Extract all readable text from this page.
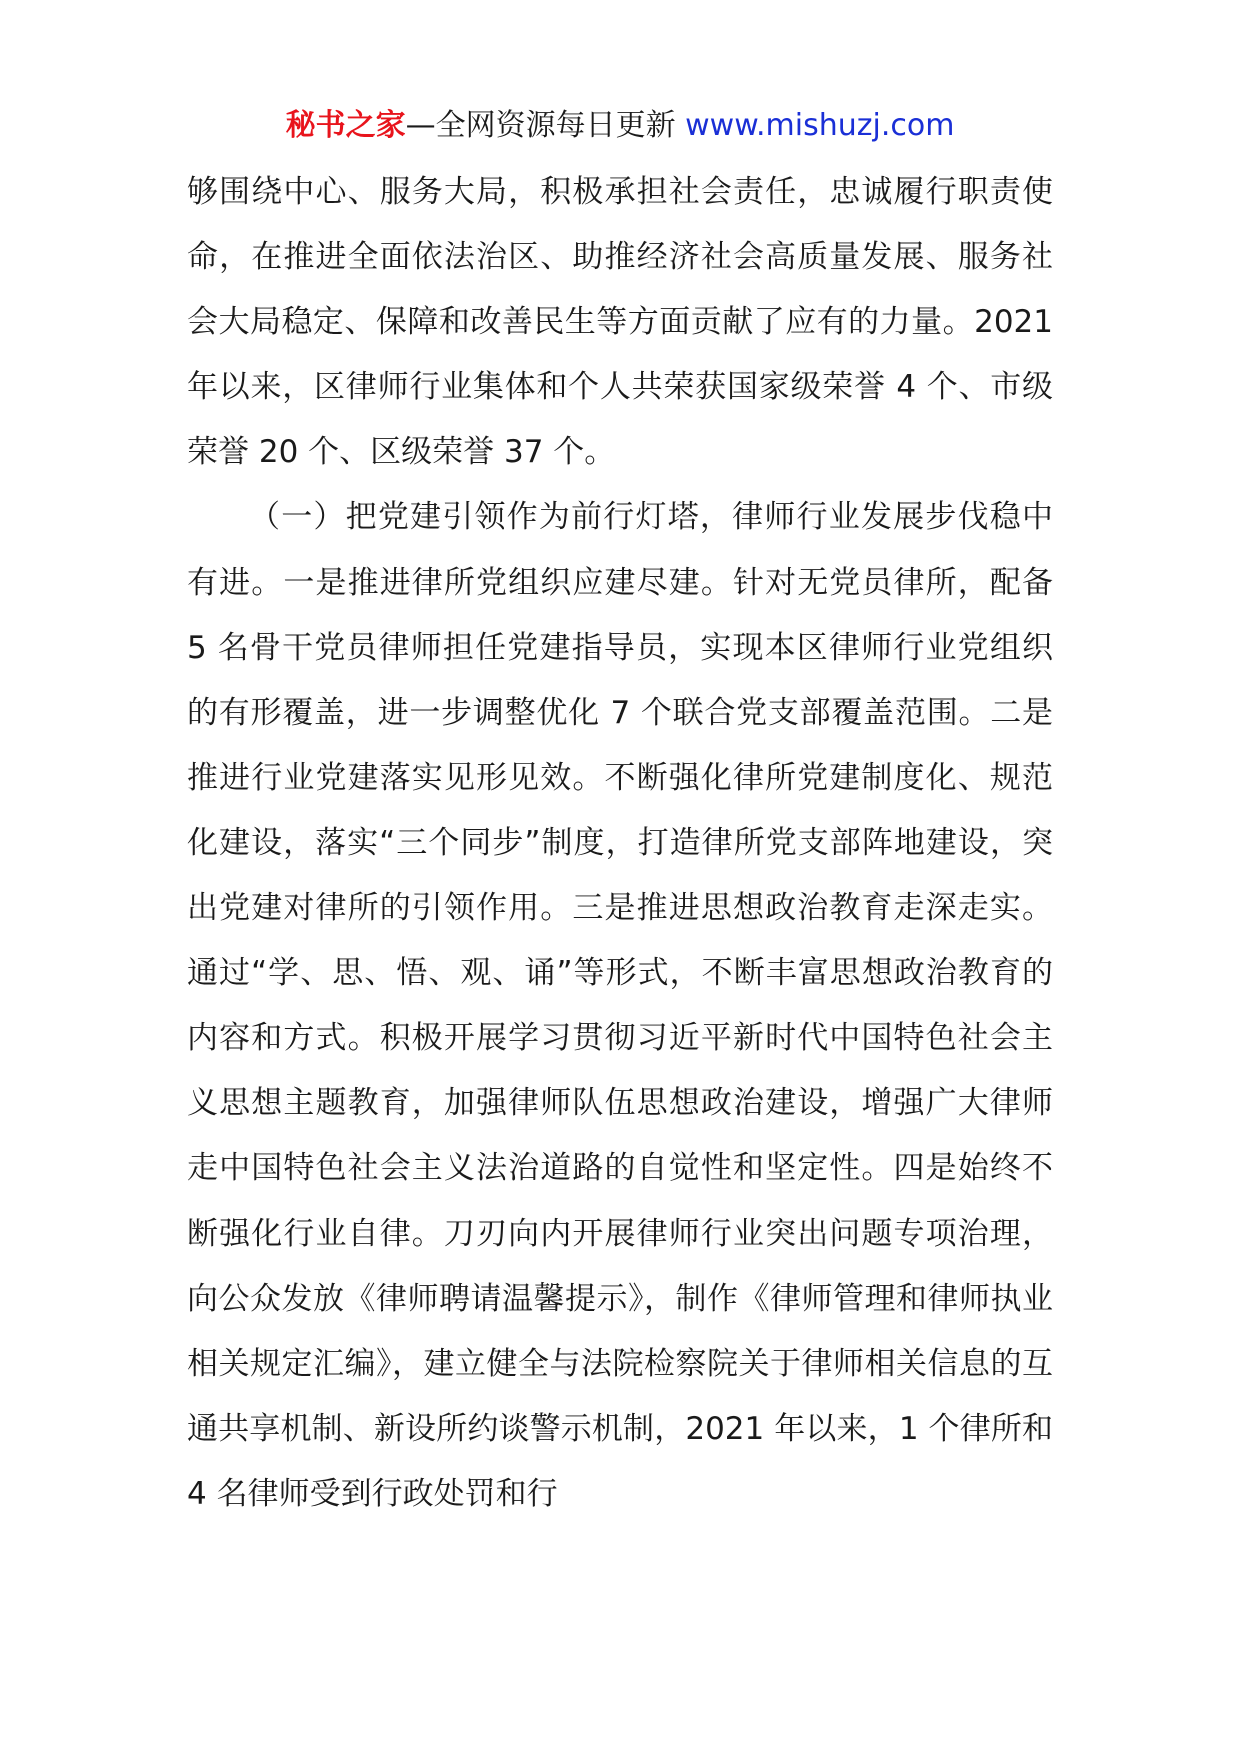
秘书之家—全网资源每日更新 www.mishuzj.com

够围绕中心、服务大局，积极承担社会责任，忠诚履行职责使命，在推进全面依法治区、助推经济社会高质量发展、服务社会大局稳定、保障和改善民生等方面贡献了应有的力量。2021 年以来，区律师行业集体和个人共荣获国家级荣誉 4 个、市级荣誉 20 个、区级荣誉 37 个。

（一）把党建引领作为前行灯塔，律师行业发展步伐稳中有进。一是推进律所党组织应建尽建。针对无党员律所，配备 5 名骨干党员律师担任党建指导员，实现本区律师行业党组织的有形覆盖，进一步调整优化 7 个联合党支部覆盖范围。二是推进行业党建落实见形见效。不断强化律所党建制度化、规范化建设，落实“三个同步”制度，打造律所党支部阵地建设，突出党建对律所的引领作用。三是推进思想政治教育走深走实。通过“学、思、悟、观、诵”等形式，不断丰富思想政治教育的内容和方式。积极开展学习贯彻习近平新时代中国特色社会主义思想主题教育，加强律师队伍思想政治建设，增强广大律师走中国特色社会主义法治道路的自觉性和坚定性。四是始终不断强化行业自律。刀刃向内开展律师行业突出问题专项治理，向公众发放《律师聘请温馨提示》，制作《律师管理和律师执业相关规定汇编》，建立健全与法院检察院关于律师相关信息的互通共享机制、新设所约谈警示机制，2021 年以来，1 个律所和 4 名律师受到行政处罚和行
